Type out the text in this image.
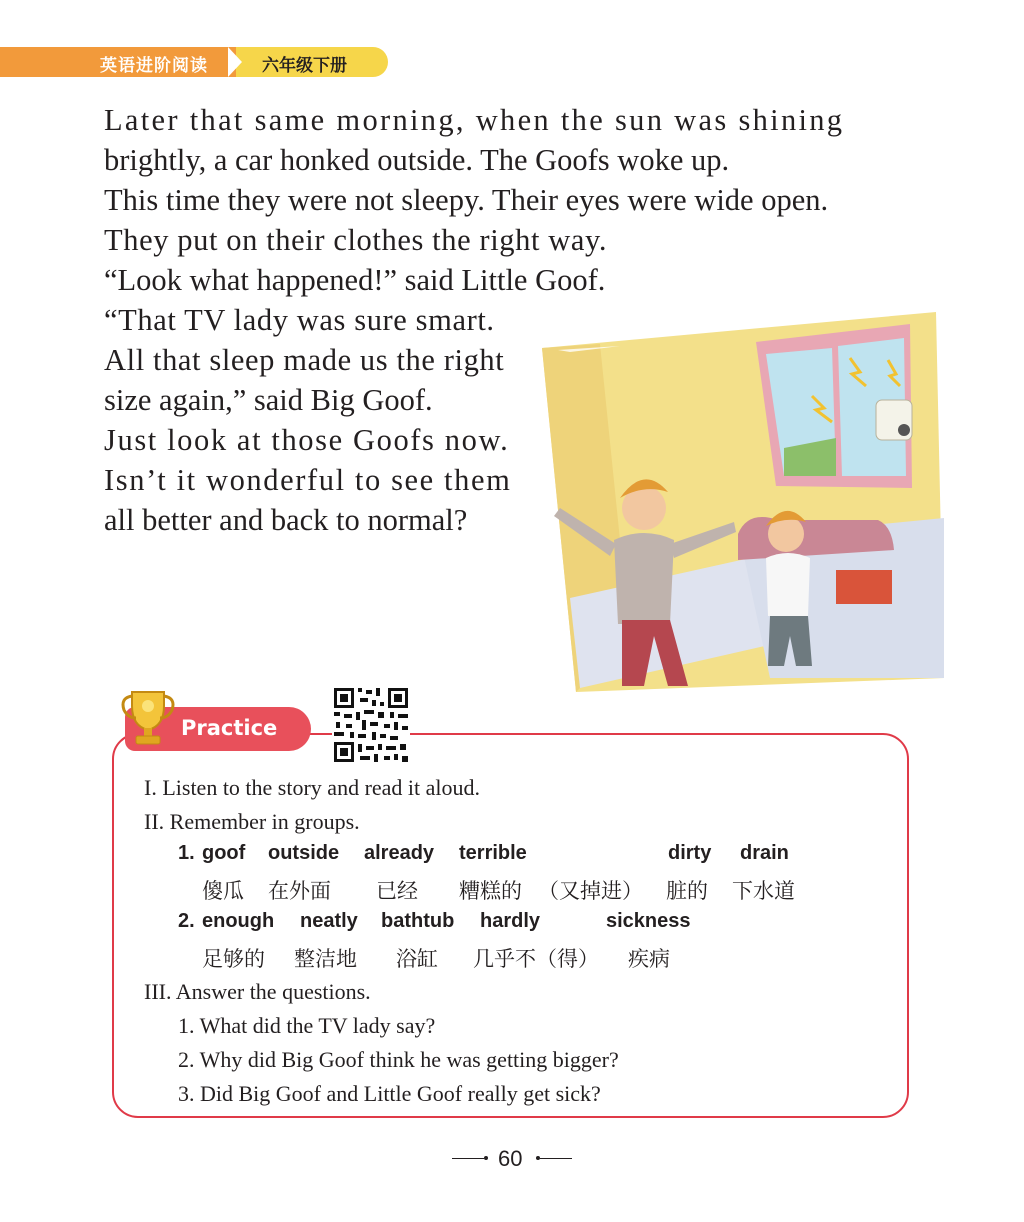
英语进阶阅读	六年级下册
Later that same morning, when the sun was shining
brightly, a car honked outside. The Goofs woke up.
This time they were not sleepy. Their eyes were wide open.
They put on their clothes the right way.
“Look what happened!” said Little Goof.
“That TV lady was sure smart.
All that sleep made us the right
size again,” said Big Goof.
Just look at those Goofs now.
Isn’t it wonderful to see them
all better and back to normal?
Practice
I. Listen to the story and read it aloud.
II. Remember in groups.
1. goof outside already terrible	dirty drain
傻瓜 在外面 已经 糟糕的 （又掉进） 脏的 下水道
2. enough neatly bathtub hardly	sickness
足够的 整洁地 浴缸 几乎不（得） 疾病
III. Answer the questions.
1. What did the TV lady say?
2. Why did Big Goof think he was getting bigger?
3. Did Big Goof and Little Goof really get sick?
60
